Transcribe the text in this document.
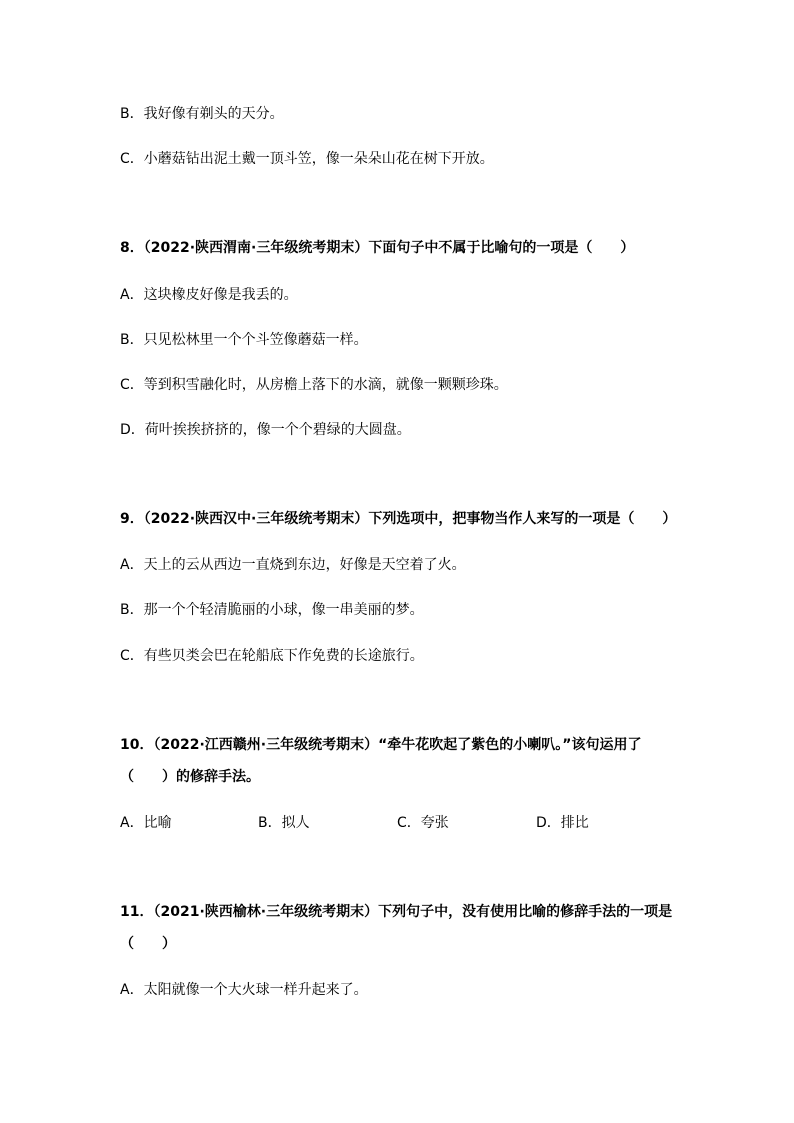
B．我好像有剃头的天分。
C．小蘑菇钻出泥土戴一顶斗笠，像一朵朵山花在树下开放。
8．（2022·陕西渭南·三年级统考期末）下面句子中不属于比喻句的一项是（　　）
A．这块橡皮好像是我丢的。
B．只见松林里一个个斗笠像蘑菇一样。
C．等到积雪融化时，从房檐上落下的水滴，就像一颗颗珍珠。
D．荷叶挨挨挤挤的，像一个个碧绿的大圆盘。
9．（2022·陕西汉中·三年级统考期末）下列选项中，把事物当作人来写的一项是（　　）
A．天上的云从西边一直烧到东边，好像是天空着了火。
B．那一个个轻清脆丽的小球，像一串美丽的梦。
C．有些贝类会巴在轮船底下作免费的长途旅行。
10．（2022·江西赣州·三年级统考期末）“牵牛花吹起了紫色的小喇叭。”该句运用了
（　　）的修辞手法。
A．比喻	B．拟人	C．夸张	D．排比
11．（2021·陕西榆林·三年级统考期末）下列句子中，没有使用比喻的修辞手法的一项是
（　　）
A．太阳就像一个大火球一样升起来了。
